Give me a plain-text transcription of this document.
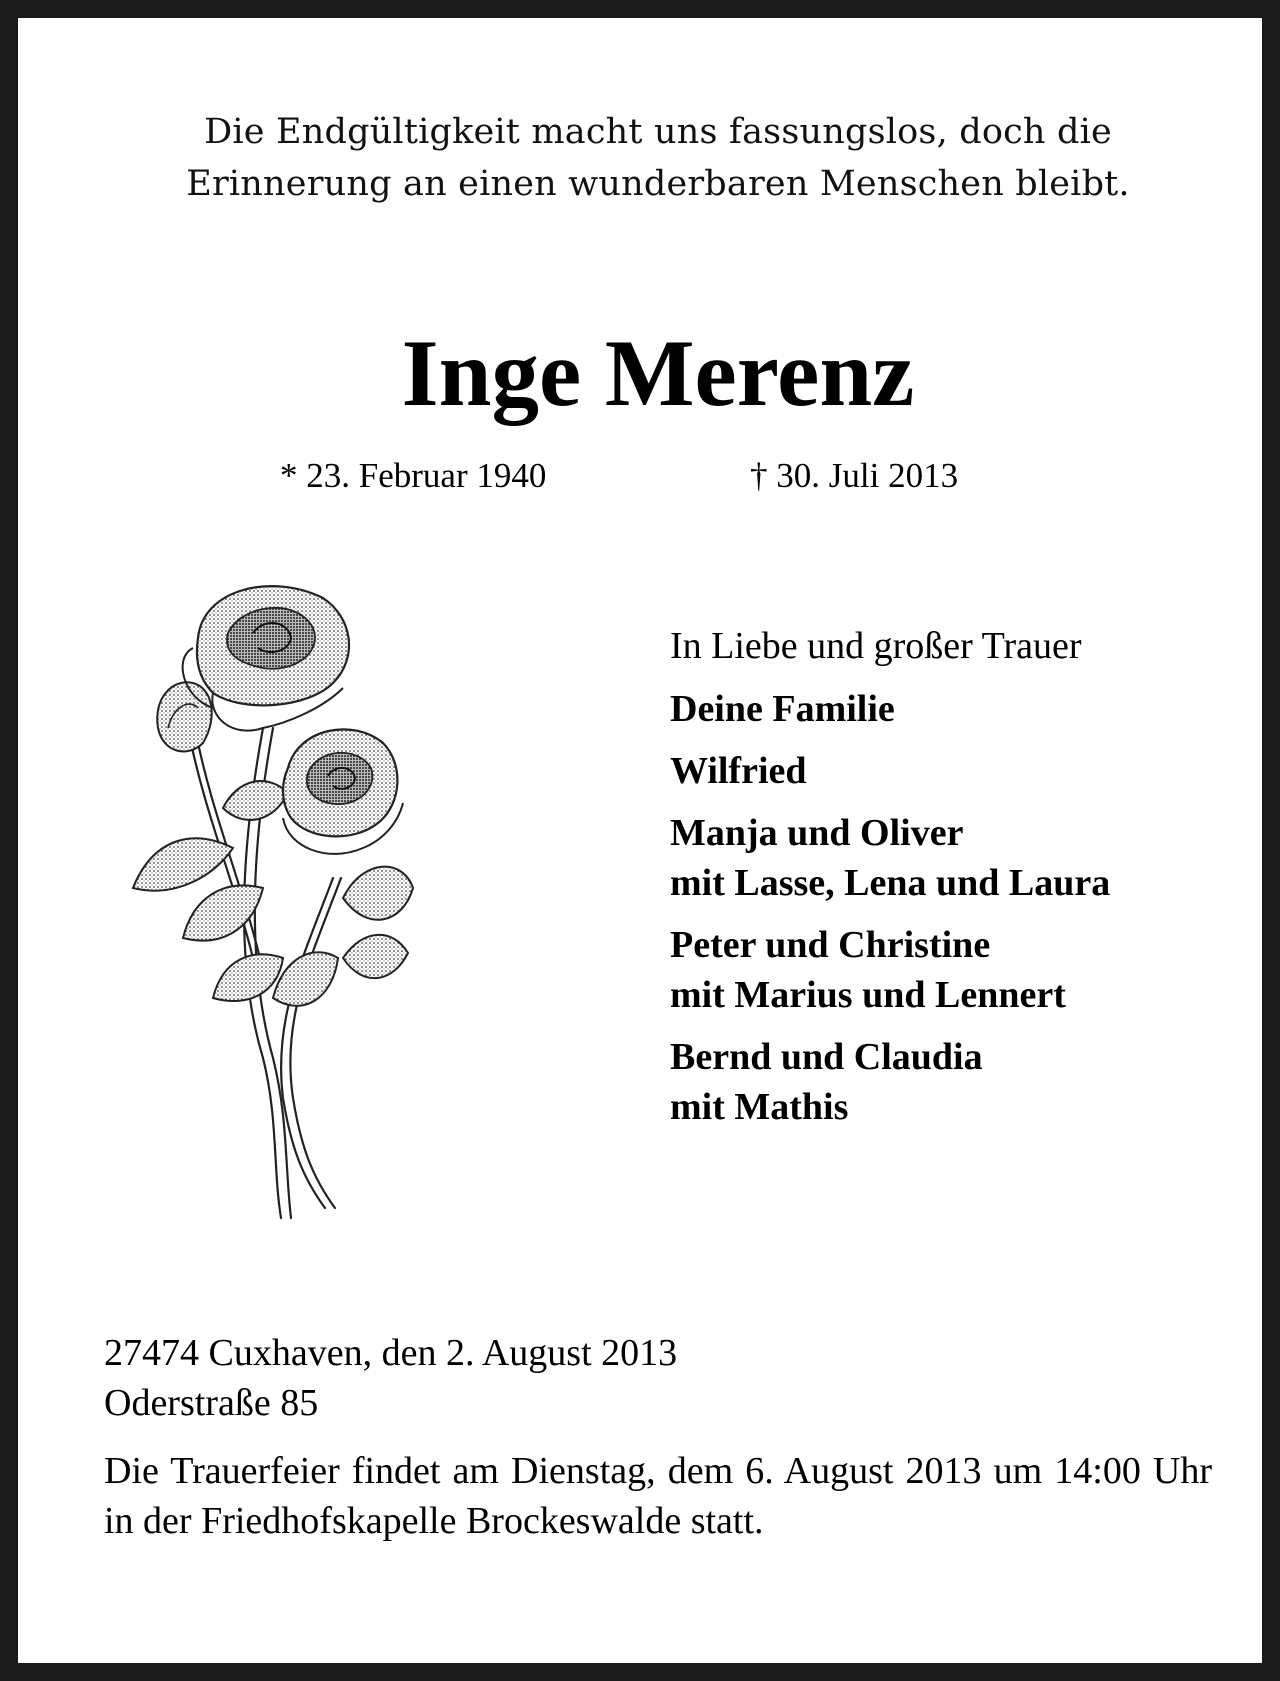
Die Endgültigkeit macht uns fassungslos, doch die
Erinnerung an einen wunderbaren Menschen bleibt.
Inge Merenz
* 23. Februar 1940	† 30. Juli 2013
In Liebe und großer Trauer
Deine Familie
Wilfried
Manja und Oliver
mit Lasse, Lena und Laura
Peter und Christine
mit Marius und Lennert
Bernd und Claudia
mit Mathis
27474 Cuxhaven, den 2. August 2013
Oderstraße 85
Die Trauerfeier findet am Dienstag, dem 6. August 2013 um 14:00 Uhr in der Friedhofskapelle Brockeswalde statt.
